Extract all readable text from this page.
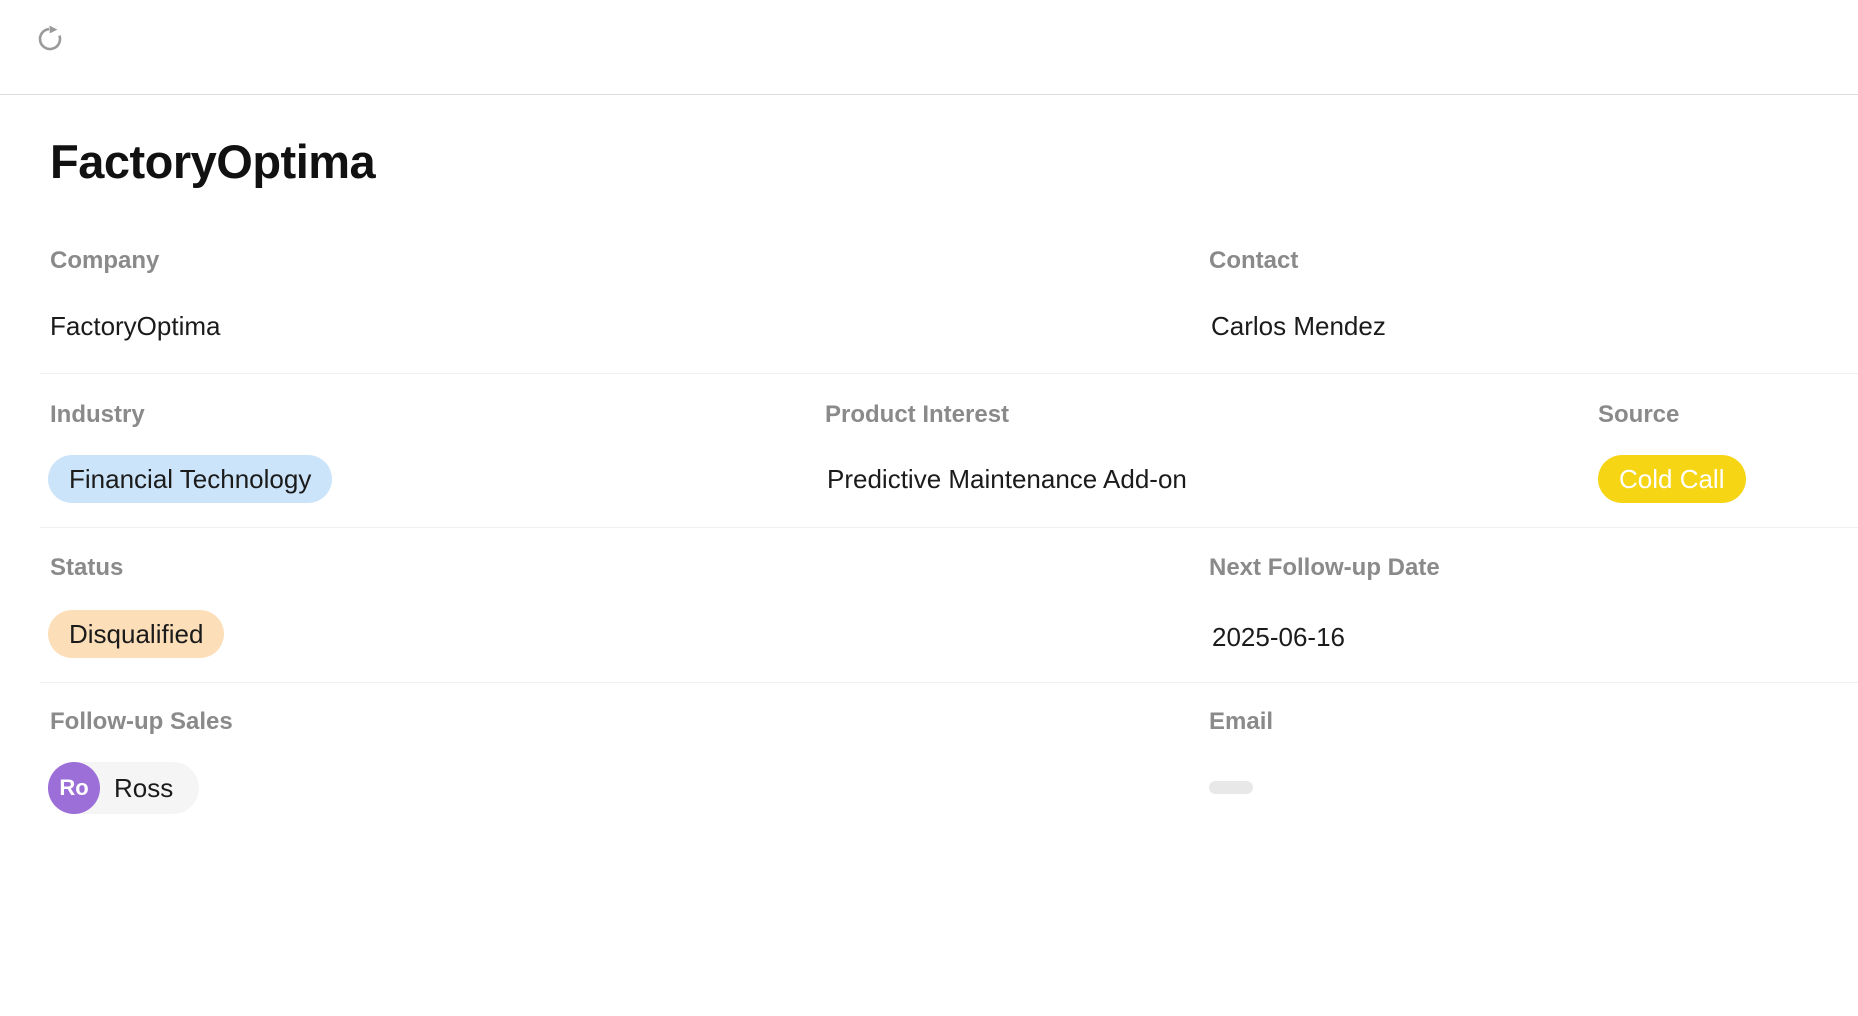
FactoryOptima
Company
FactoryOptima
Contact
Carlos Mendez
Industry
Financial Technology
Product Interest
Predictive Maintenance Add-on
Source
Cold Call
Status
Disqualified
Next Follow-up Date
2025-06-16
Follow-up Sales
Ro Ross
Email
